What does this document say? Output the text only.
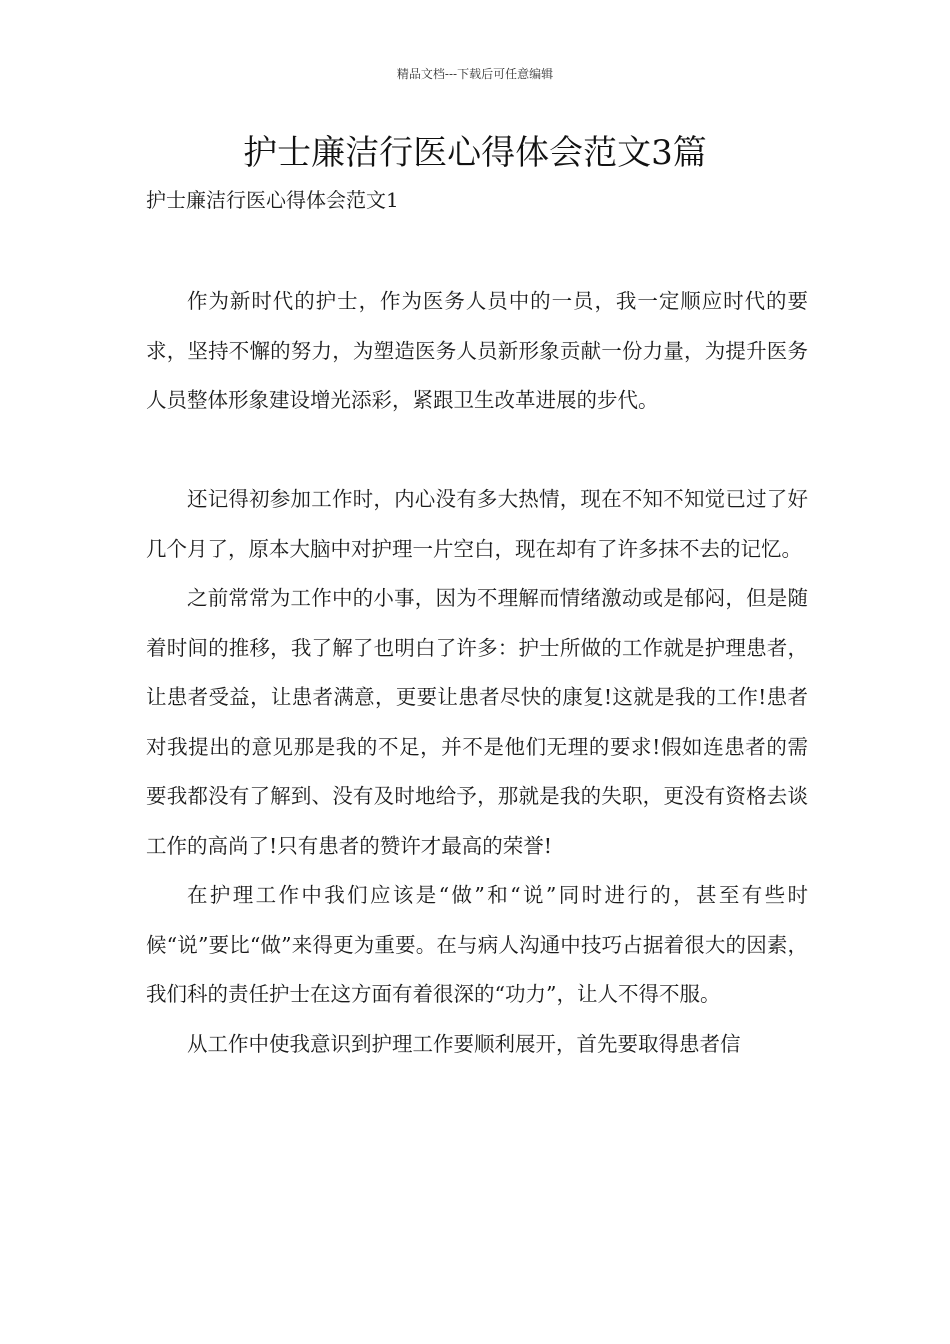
精品文档---下载后可任意编辑
护士廉洁行医心得体会范文3篇
护士廉洁行医心得体会范文1

作为新时代的护士，作为医务人员中的一员，我一定顺应时代的要求，坚持不懈的努力，为塑造医务人员新形象贡献一份力量，为提升医务人员整体形象建设增光添彩，紧跟卫生改革进展的步代。

还记得初参加工作时，内心没有多大热情，现在不知不知觉已过了好几个月了，原本大脑中对护理一片空白，现在却有了许多抹不去的记忆。

之前常常为工作中的小事，因为不理解而情绪激动或是郁闷，但是随着时间的推移，我了解了也明白了许多：护士所做的工作就是护理患者，让患者受益，让患者满意，更要让患者尽快的康复!这就是我的工作!患者对我提出的意见那是我的不足，并不是他们无理的要求!假如连患者的需要我都没有了解到、没有及时地给予，那就是我的失职，更没有资格去谈工作的高尚了!只有患者的赞许才最高的荣誉!

在护理工作中我们应该是“做”和“说”同时进行的，甚至有些时候“说”要比“做”来得更为重要。在与病人沟通中技巧占据着很大的因素，我们科的责任护士在这方面有着很深的“功力”，让人不得不服。

从工作中使我意识到护理工作要顺利展开，首先要取得患者信
